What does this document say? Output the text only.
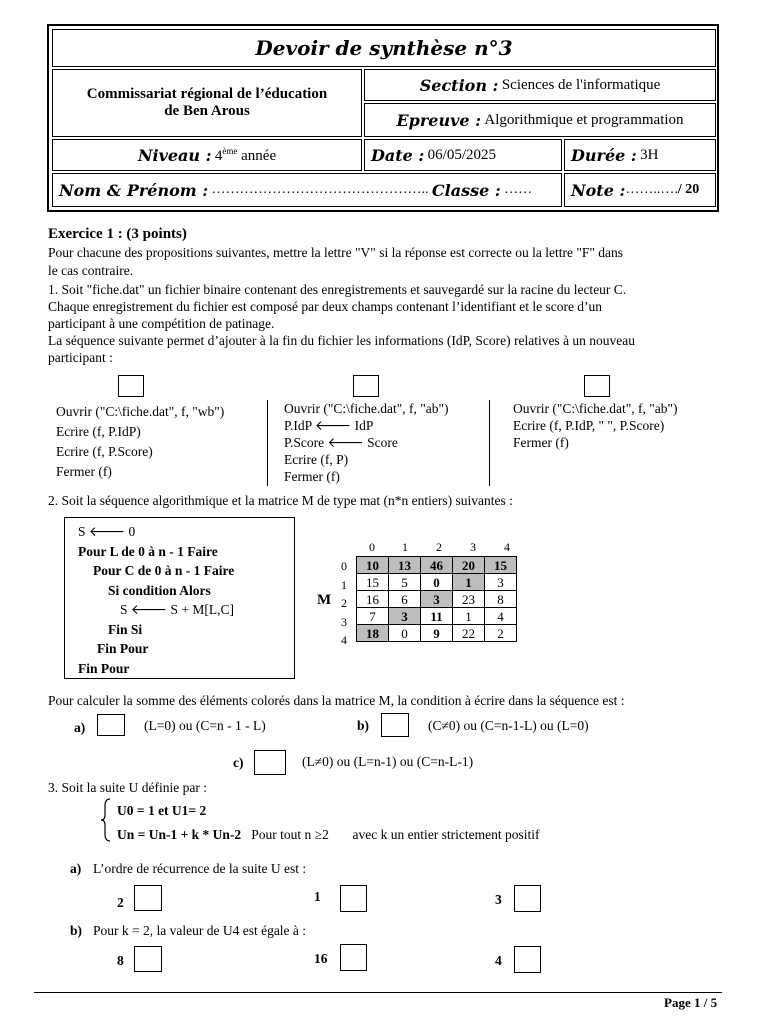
Devoir de synthèse n°3
Commissariat régional de l’éducation
de Ben Arous
Section :
Sciences de l'informatique
Epreuve :
Algorithmique et programmation
Niveau :
4ème année	Date :
06/05/2025	Durée :
3H
Nom & Prénom :
………………………………………..
Classe :
…… Note : ……..…. / 20
Exercice 1 : (3 points)
Pour chacune des propositions suivantes, mettre la lettre "V" si la réponse est correcte ou la lettre "F" dans
le cas contraire.
1. Soit "fiche.dat" un fichier binaire contenant des enregistrements et sauvegardé sur la racine du lecteur C.
Chaque enregistrement du fichier est composé par deux champs contenant l’identifiant et le score d’un
participant à une compétition de patinage.
La séquence suivante permet d’ajouter à la fin du fichier les informations (IdP, Score) relatives à un nouveau
participant :
Ouvrir ("C:\fiche.dat", f, "wb")
Ecrire (f, P.IdP)
Ecrire (f, P.Score)
Fermer (f)
Ouvrir ("C:\fiche.dat", f, "ab")
P.IdP 🡐 IdP
P.Score 🡐 Score
Ecrire (f, P)
Fermer (f)
Ouvrir ("C:\fiche.dat", f, "ab")
Ecrire (f, P.IdP, " ", P.Score)
Fermer (f)
2. Soit la séquence algorithmique et la matrice M de type mat (n*n entiers) suivantes :
S 🡐 0
Pour L de 0 à n - 1 Faire
Pour C de 0 à n - 1 Faire
Si condition Alors
S 🡐 S + M[L,C]
Fin Si
Fin Pour
Fin Pour
M
0 1 2 3 4
0
1
2
3
4
10	13	46	20	15
15	5	0	1	3
16	6	3	23	8
7	3	11	1	4
18	0	9	22	2
Pour calculer la somme des éléments colorés dans la matrice M, la condition à écrire dans la séquence est :
a)	(L=0) ou (C=n - 1 - L)	b)	(C≠0) ou (C=n-1-L) ou (L=0)
c)	(L≠0) ou (L=n-1) ou (C=n-L-1)
3. Soit la suite U définie par :
U0 = 1 et U1= 2
Un = Un-1 + k * Un-2 Pour tout n ≥2 avec k un entier strictement positif
a) L’ordre de récurrence de la suite U est :
2	1	3
b) Pour k = 2, la valeur de U4 est égale à :
8	16	4
Page 1 / 5
